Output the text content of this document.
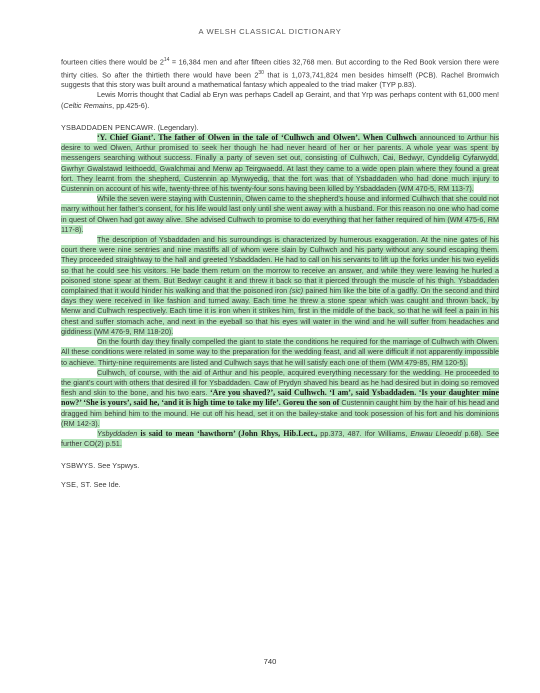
A WELSH CLASSICAL DICTIONARY

fourteen cities there would be $2^{14} = 16,384$ men and after fifteen cities 32,768 men. But according to the Red Book version there were thirty cities. So after the thirtieth there would have been $2^{30}$ that is 1,073,741,824 men besides himself! (PCB). Rachel Bromwich suggests that this story was built around a mathematical fantasy which appealed to the triad maker (TYP p.83).

Lewis Morris thought that Cadial ab Eryn was perhaps Cadell ap Geraint, and that Yrp was perhaps content with 61,000 men! (Celtic Remains, pp.425-6).

YSBADDADEN PENCAWR. (Legendary).

‘Y. Chief Giant’. The father of Olwen in the tale of ‘Culhwch and Olwen’. When Culhwch announced to Arthur his desire to wed Olwen, Arthur promised to seek her though he had never heard of her or her parents. A whole year was spent by messengers searching without success. Finally a party of seven set out, consisting of Culhwch, Cai, Bedwyr, Cynddelig Cyfarwydd, Gwrhyr Gwalstawd Ieithoedd, Gwalchmai and Menw ap Teirgwaedd. At last they came to a wide open plain where they found a great fort. They learnt from the shepherd, Custennin ap Mynwyedig, that the fort was that of Ysbaddaden who had done much injury to Custennin on account of his wife, twenty-three of his twenty-four sons having been killed by Ysbaddaden (WM 470-5, RM 113-7).

While the seven were staying with Custennin, Olwen came to the shepherd’s house and informed Culhwch that she could not marry without her father’s consent, for his life would last only until she went away with a husband. For this reason no one who had come in quest of Olwen had got away alive. She advised Culhwch to promise to do everything that her father required of him (WM 475-6, RM 117-8).

The description of Ysbaddaden and his surroundings is characterized by humerous exaggeration. At the nine gates of his court there were nine sentries and nine mastiffs all of whom were slain by Culhwch and his party without any sound escaping them. They proceeded straightway to the hall and greeted Ysbaddaden. He had to call on his servants to lift up the forks under his two eyelids so that he could see his visitors. He bade them return on the morrow to receive an answer, and while they were leaving he hurled a poisoned stone spear at them. But Bedwyr caught it and threw it back so that it pierced through the muscle of his thigh. Ysbaddaden complained that it would hinder his walking and that the poisoned iron (sic) pained him like the bite of a gadfly. On the second and third days they were received in like fashion and turned away. Each time he threw a stone spear which was caught and thrown back, by Menw and Culhwch respectively. Each time it is iron when it strikes him, first in the middle of the back, so that he will feel a pain in his chest and suffer stomach ache, and next in the eyeball so that his eyes will water in the wind and he will suffer from headaches and giddiness (WM 476-9, RM 118-20).

On the fourth day they finally compelled the giant to state the conditions he required for the marriage of Culhwch with Olwen. All these conditions were related in some way to the preparation for the wedding feast, and all were difficult if not apparently impossible to achieve. Thirty-nine requirements are listed and Culhwch says that he will satisfy each one of them (WM 479-85, RM 120-5).

Culhwch, of course, with the aid of Arthur and his people, acquired everything necessary for the wedding. He proceeded to the giant’s court with others that desired ill for Ysbaddaden. Caw of Prydyn shaved his beard as he had desired but in doing so removed flesh and skin to the bone, and his two ears. ‘Are you shaved?’, said Culhwch. ‘I am’, said Ysbaddaden. ‘Is your daughter mine now?’ ‘She is yours’, said he, ‘and it is high time to take my life’. Goreu the son of Custennin caught him by the hair of his head and dragged him behind him to the mound. He cut off his head, set it on the bailey-stake and took posession of his fort and his dominions (RM 142-3).

Ysbyddaden is said to mean ‘hawthorn’ (John Rhys, Hib.Lect., pp.373, 487. Ifor Williams, Enwau Lleoedd p.68). See further CO(2) p.51.

YSBWYS. See Yspwys.

YSE, ST. See Ide.

740
